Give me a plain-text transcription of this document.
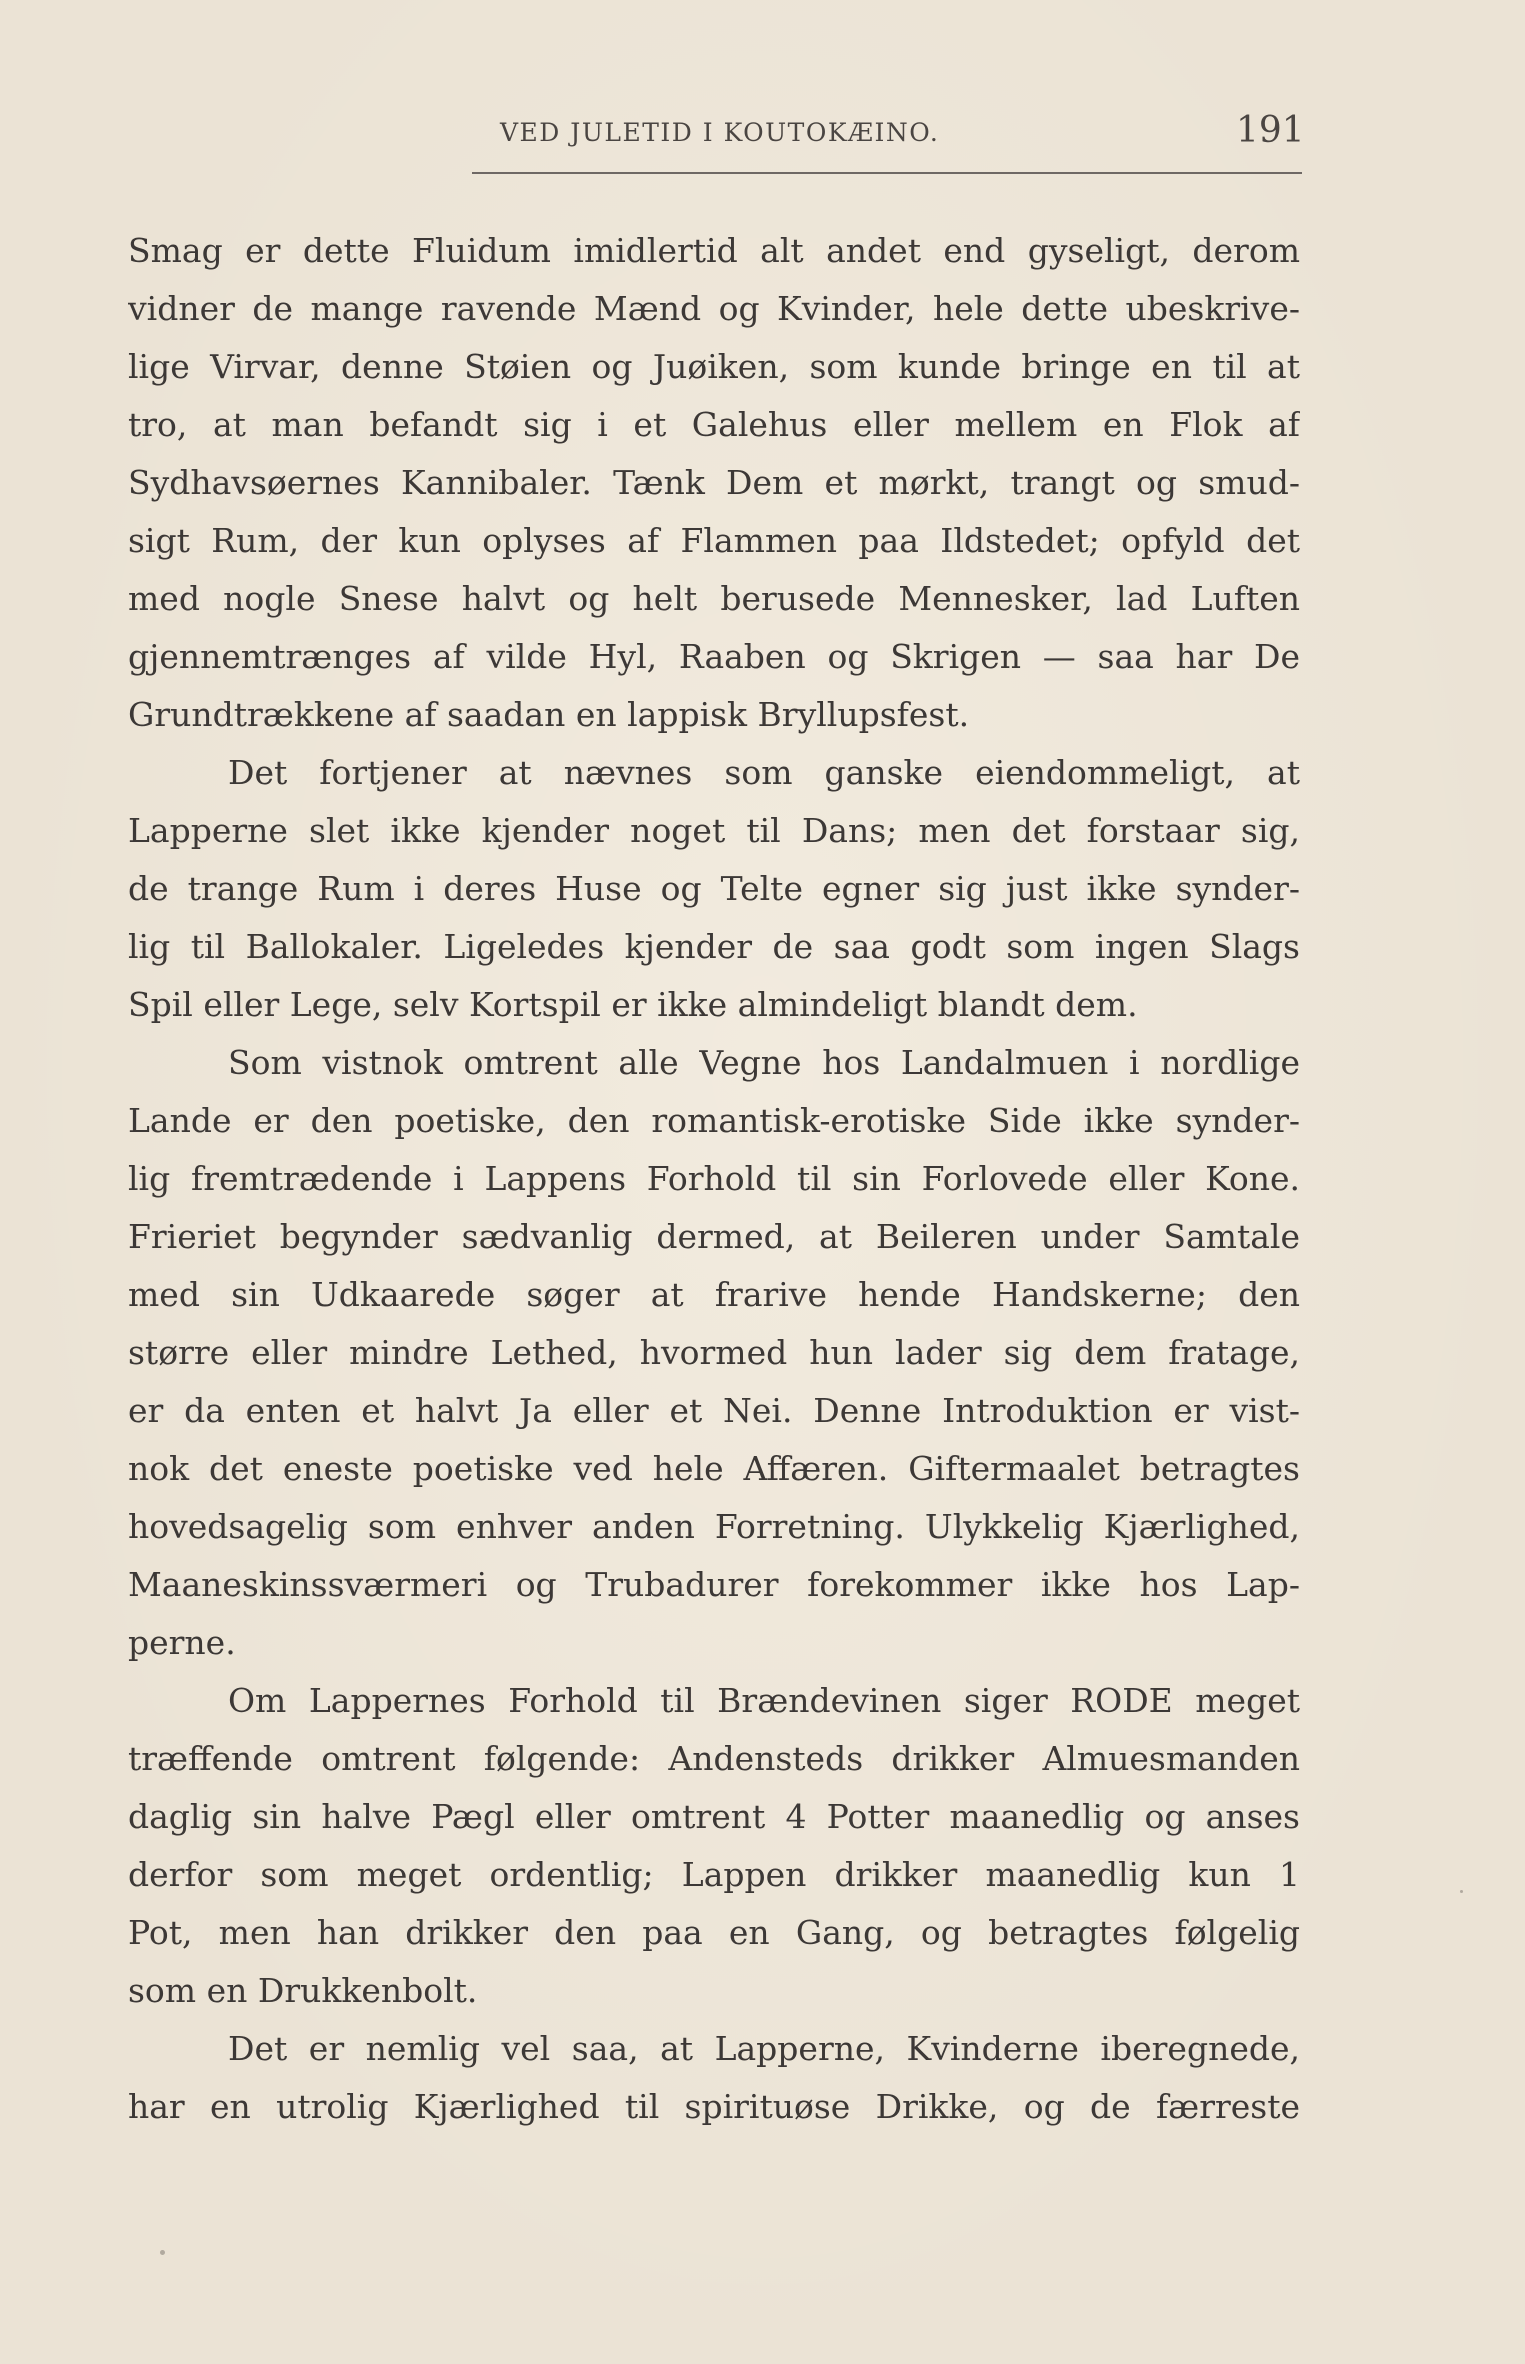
VED JULETID I KOUTOKÆINO.	191
Smag er dette Fluidum imidlertid alt andet end gyseligt, derom
vidner de mange ravende Mænd og Kvinder, hele dette ubeskrive-
lige Virvar, denne Støien og Juøiken, som kunde bringe en til at
tro, at man befandt sig i et Galehus eller mellem en Flok af
Sydhavsøernes Kannibaler. Tænk Dem et mørkt, trangt og smud-
sigt Rum, der kun oplyses af Flammen paa Ildstedet; opfyld det
med nogle Snese halvt og helt berusede Mennesker, lad Luften
gjennemtrænges af vilde Hyl, Raaben og Skrigen — saa har De
Grundtrækkene af saadan en lappisk Bryllupsfest.
Det fortjener at nævnes som ganske eiendommeligt, at
Lapperne slet ikke kjender noget til Dans; men det forstaar sig,
de trange Rum i deres Huse og Telte egner sig just ikke synder-
lig til Ballokaler. Ligeledes kjender de saa godt som ingen Slags
Spil eller Lege, selv Kortspil er ikke almindeligt blandt dem.
Som vistnok omtrent alle Vegne hos Landalmuen i nordlige
Lande er den poetiske, den romantisk-erotiske Side ikke synder-
lig fremtrædende i Lappens Forhold til sin Forlovede eller Kone.
Frieriet begynder sædvanlig dermed, at Beileren under Samtale
med sin Udkaarede søger at frarive hende Handskerne; den
større eller mindre Lethed, hvormed hun lader sig dem fratage,
er da enten et halvt Ja eller et Nei. Denne Introduktion er vist-
nok det eneste poetiske ved hele Affæren. Giftermaalet betragtes
hovedsagelig som enhver anden Forretning. Ulykkelig Kjærlighed,
Maaneskinssværmeri og Trubadurer forekommer ikke hos Lap-
perne.
Om Lappernes Forhold til Brændevinen siger RODE meget
træffende omtrent følgende: Andensteds drikker Almuesmanden
daglig sin halve Pægl eller omtrent 4 Potter maanedlig og anses
derfor som meget ordentlig; Lappen drikker maanedlig kun 1
Pot, men han drikker den paa en Gang, og betragtes følgelig
som en Drukkenbolt.
Det er nemlig vel saa, at Lapperne, Kvinderne iberegnede,
har en utrolig Kjærlighed til spirituøse Drikke, og de færreste
